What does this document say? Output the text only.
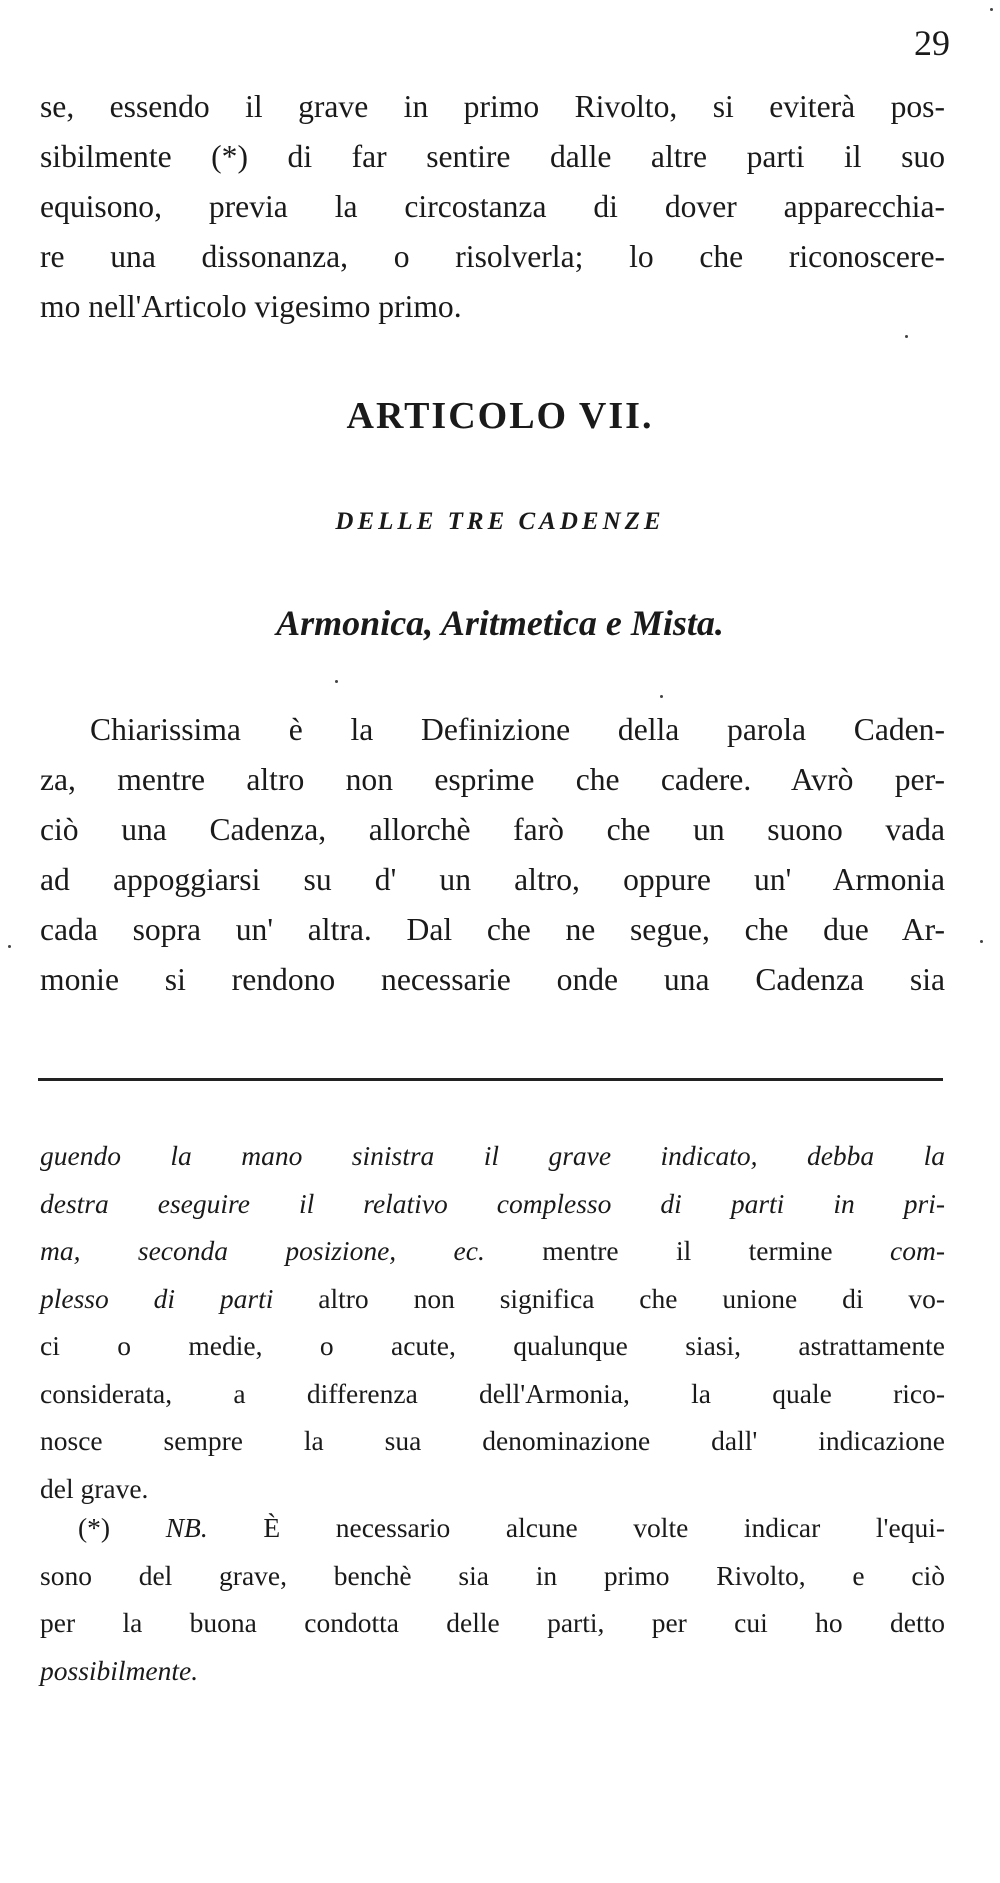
29
se, essendo il grave in primo Rivolto, si eviterà pos-
sibilmente (*) di far sentire dalle altre parti il suo
equisono, previa la circostanza di dover apparecchia-
re una dissonanza, o risolverla; lo che riconoscere-
mo nell'Articolo vigesimo primo.
ARTICOLO VII.
DELLE TRE CADENZE
Armonica, Aritmetica e Mista.
Chiarissima è la Definizione della parola Caden-
za, mentre altro non esprime che cadere. Avrò per-
ciò una Cadenza, allorchè farò che un suono vada
ad appoggiarsi su d' un altro, oppure un' Armonia
cada sopra un' altra. Dal che ne segue, che due Ar-
monie si rendono necessarie onde una Cadenza sia
guendo la mano sinistra il grave indicato, debba la
destra eseguire il relativo complesso di parti in pri-
ma, seconda posizione, ec. mentre il termine com-
plesso di parti altro non significa che unione di vo-
ci o medie, o acute, qualunque siasi, astrattamente
considerata, a differenza dell'Armonia, la quale rico-
nosce sempre la sua denominazione dall' indicazione
del grave.
(*) NB. È necessario alcune volte indicar l'equi-
sono del grave, benchè sia in primo Rivolto, e ciò
per la buona condotta delle parti, per cui ho detto
possibilmente.
